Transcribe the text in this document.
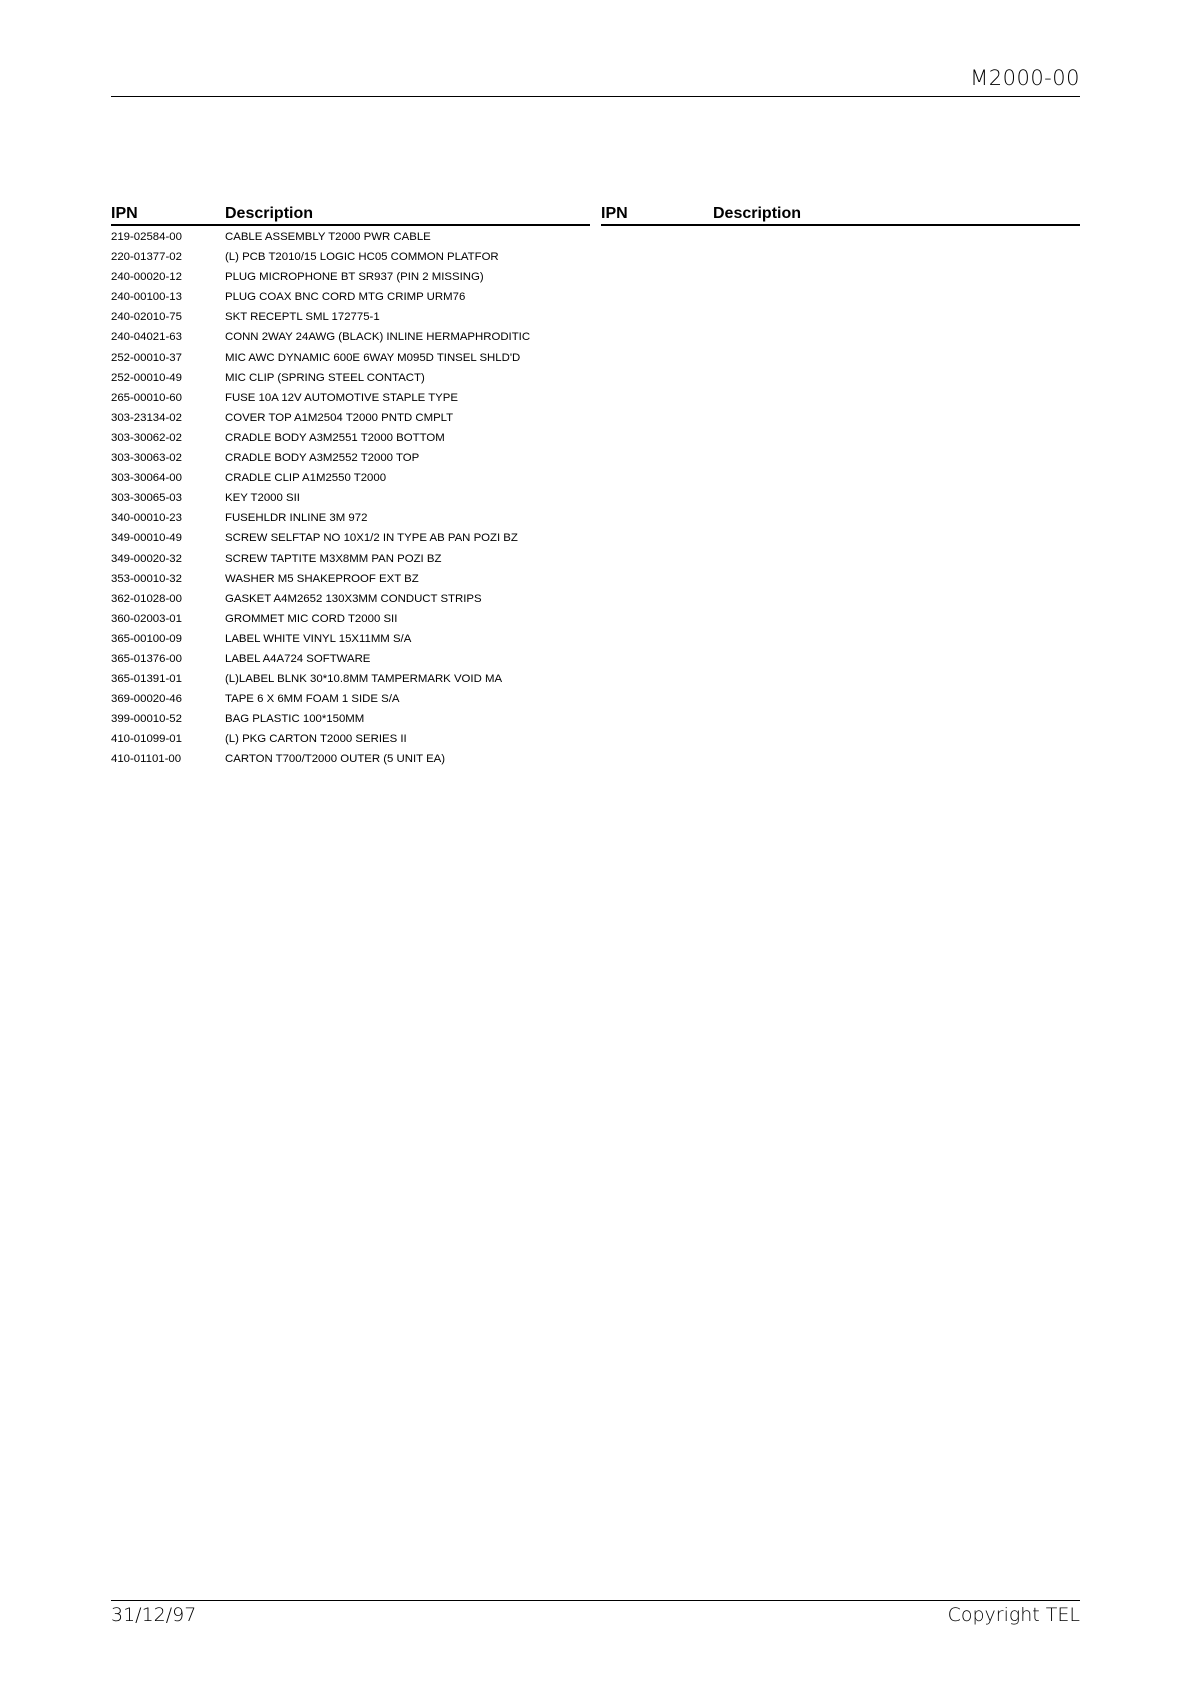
M2000-00
IPN	Description	IPN	Description
219-02584-00	CABLE ASSEMBLY T2000 PWR CABLE
220-01377-02	(L) PCB T2010/15 LOGIC HC05 COMMON PLATFOR
240-00020-12	PLUG MICROPHONE BT SR937 (PIN 2 MISSING)
240-00100-13	PLUG COAX BNC CORD MTG CRIMP URM76
240-02010-75	SKT RECEPTL SML 172775-1
240-04021-63	CONN 2WAY 24AWG (BLACK) INLINE HERMAPHRODITIC
252-00010-37	MIC AWC DYNAMIC 600E 6WAY M095D TINSEL SHLD'D
252-00010-49	MIC CLIP (SPRING STEEL CONTACT)
265-00010-60	FUSE 10A 12V AUTOMOTIVE STAPLE TYPE
303-23134-02	COVER TOP A1M2504 T2000 PNTD CMPLT
303-30062-02	CRADLE BODY A3M2551 T2000 BOTTOM
303-30063-02	CRADLE BODY A3M2552 T2000 TOP
303-30064-00	CRADLE CLIP A1M2550 T2000
303-30065-03	KEY T2000 SII
340-00010-23	FUSEHLDR INLINE 3M 972
349-00010-49	SCREW SELFTAP NO 10X1/2 IN TYPE AB PAN POZI BZ
349-00020-32	SCREW TAPTITE M3X8MM PAN POZI BZ
353-00010-32	WASHER M5 SHAKEPROOF EXT BZ
362-01028-00	GASKET A4M2652 130X3MM CONDUCT STRIPS
360-02003-01	GROMMET MIC CORD T2000 SII
365-00100-09	LABEL WHITE VINYL 15X11MM S/A
365-01376-00	LABEL A4A724 SOFTWARE
365-01391-01	(L)LABEL BLNK 30*10.8MM TAMPERMARK VOID MA
369-00020-46	TAPE 6 X 6MM FOAM 1 SIDE S/A
399-00010-52	BAG PLASTIC 100*150MM
410-01099-01	(L) PKG CARTON T2000 SERIES II
410-01101-00	CARTON T700/T2000 OUTER (5 UNIT EA)
31/12/97	Copyright TEL
